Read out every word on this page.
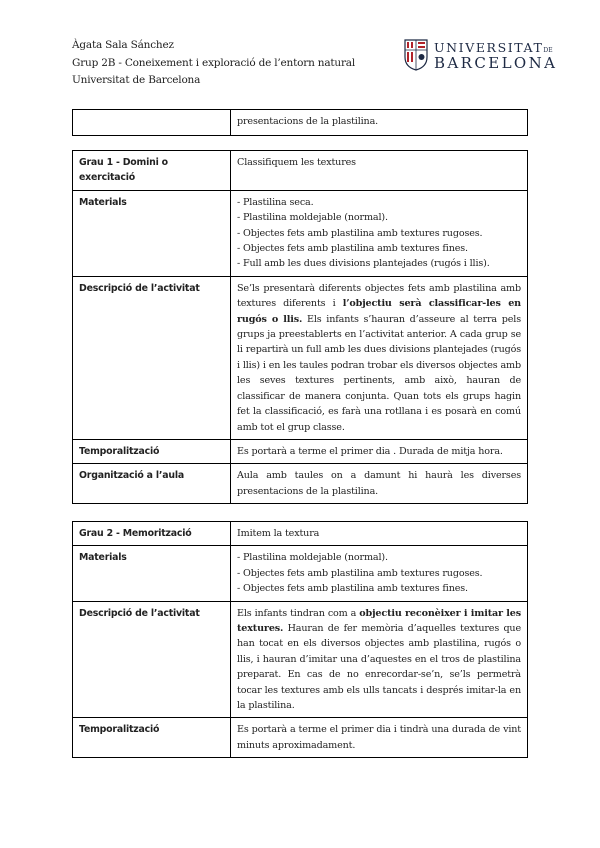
Àgata Sala Sánchez
Grup 2B - Coneixement i exploració de l’entorn natural
Universitat de Barcelona
UNIVERSITATDE
BARCELONA
	presentacions de la plastilina.
Grau 1 - Domini o exercitació	Classifiquem les textures
Materials	- Plastilina seca.
- Plastilina moldejable (normal).
- Objectes fets amb plastilina amb textures rugoses.
- Objectes fets amb plastilina amb textures fines.
- Full amb les dues divisions plantejades (rugós i llis).

Descripció de l’activitat	Se’ls presentarà diferents objectes fets amb plastilina amb textures diferents i l’objectiu serà classificar-les en rugós o llis. Els infants s’hauran d’asseure al terra pels grups ja preestablerts en l’activitat anterior. A cada grup se li repartirà un full amb les dues divisions plantejades (rugós i llis) i en les taules podran trobar els diversos objectes amb les seves textures pertinents, amb això, hauran de classificar de manera conjunta. Quan tots els grups hagin fet la classificació, es farà una rotllana i es posarà en comú amb tot el grup classe.
Temporalització	Es portarà a terme el primer dia . Durada de mitja hora.
Organització a l’aula	Aula amb taules on a damunt hi haurà les diverses presentacions de la plastilina.
Grau 2 - Memorització	Imitem la textura
Materials	- Plastilina moldejable (normal).
- Objectes fets amb plastilina amb textures rugoses.
- Objectes fets amb plastilina amb textures fines.

Descripció de l’activitat	Els infants tindran com a objectiu reconèixer i imitar les textures. Hauran de fer memòria d’aquelles textures que han tocat en els diversos objectes amb plastilina, rugós o llis, i hauran d’imitar una d’aquestes en el tros de plastilina preparat. En cas de no enrecordar-se’n, se’ls permetrà tocar les textures amb els ulls tancats i després imitar-la en la plastilina.
Temporalització	Es portarà a terme el primer dia i tindrà una durada de vint minuts aproximadament.
